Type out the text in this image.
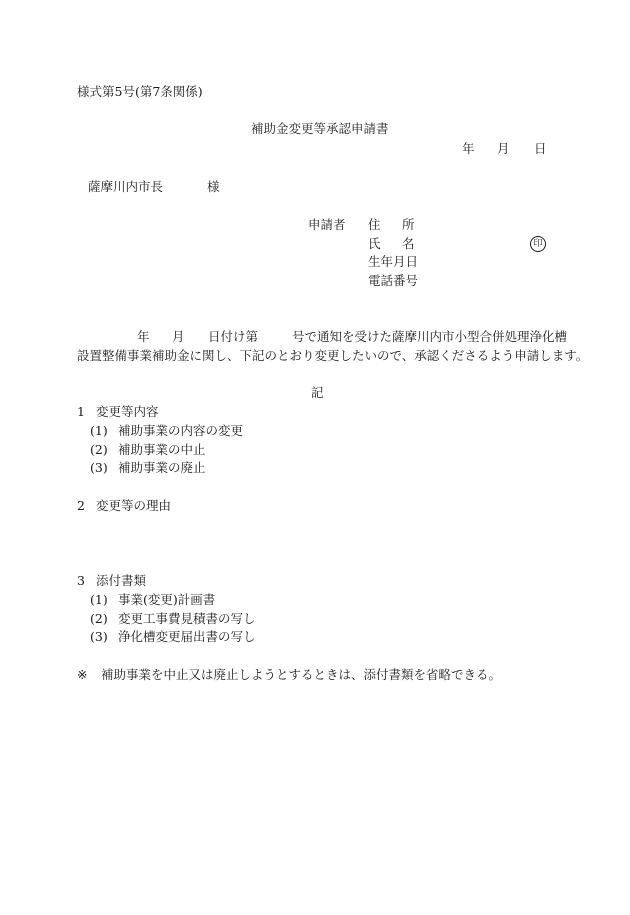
様式第5号(第7条関係)
補助金変更等承認申請書
年 月 日
薩摩川内市長	様
申請者 住 所
氏 名	印
生年月日
電話番号
年 月 日付け第	号で通知を受けた薩摩川内市小型合併処理浄化槽
設置整備事業補助金に関し、下記のとおり変更したいので、承認くださるよう申請します。
記
1 変更等内容
(1) 補助事業の内容の変更
(2) 補助事業の中止
(3) 補助事業の廃止
2 変更等の理由
3 添付書類
(1) 事業(変更)計画書
(2) 変更工事費見積書の写し
(3) 浄化槽変更届出書の写し
※ 補助事業を中止又は廃止しようとするときは、添付書類を省略できる。
